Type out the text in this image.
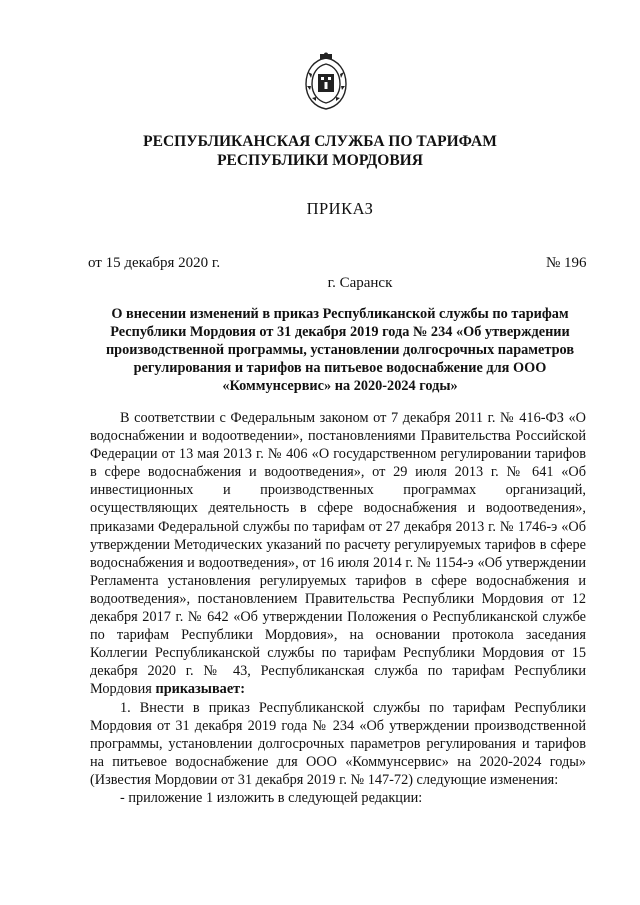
РЕСПУБЛИКАНСКАЯ СЛУЖБА ПО ТАРИФАМ
РЕСПУБЛИКИ МОРДОВИЯ
ПРИКАЗ
от 15 декабря 2020 г.	№ 196
г. Саранск
О внесении изменений в приказ Республиканской службы по тарифам Республики Мордовия от 31 декабря 2019 года № 234 «Об утверждении производственной программы, установлении долгосрочных параметров регулирования и тарифов на питьевое водоснабжение для ООО «Коммунсервис» на 2020-2024 годы»

В соответствии с Федеральным законом от 7 декабря 2011 г. № 416-ФЗ «О водоснабжении и водоотведении», постановлениями Правительства Российской Федерации от 13 мая 2013 г. № 406 «О государственном регулировании тарифов в сфере водоснабжения и водоотведения», от 29 июля 2013 г. № 641 «Об инвестиционных и производственных программах организаций, осуществляющих деятельность в сфере водоснабжения и водоотведения», приказами Федеральной службы по тарифам от 27 декабря 2013 г. № 1746-э «Об утверждении Методических указаний по расчету регулируемых тарифов в сфере водоснабжения и водоотведения», от 16 июля 2014 г. № 1154-э «Об утверждении Регламента установления регулируемых тарифов в сфере водоснабжения и водоотведения», постановлением Правительства Республики Мордовия от 12 декабря 2017 г. № 642 «Об утверждении Положения о Республиканской службе по тарифам Республики Мордовия», на основании протокола заседания Коллегии Республиканской службы по тарифам Республики Мордовия от 15 декабря 2020 г. № 43, Республиканская служба по тарифам Республики Мордовия приказывает:

1. Внести в приказ Республиканской службы по тарифам Республики Мордовия от 31 декабря 2019 года № 234 «Об утверждении производственной программы, установлении долгосрочных параметров регулирования и тарифов на питьевое водоснабжение для ООО «Коммунсервис» на 2020-2024 годы» (Известия Мордовии от 31 декабря 2019 г. № 147-72) следующие изменения:

- приложение 1 изложить в следующей редакции:
